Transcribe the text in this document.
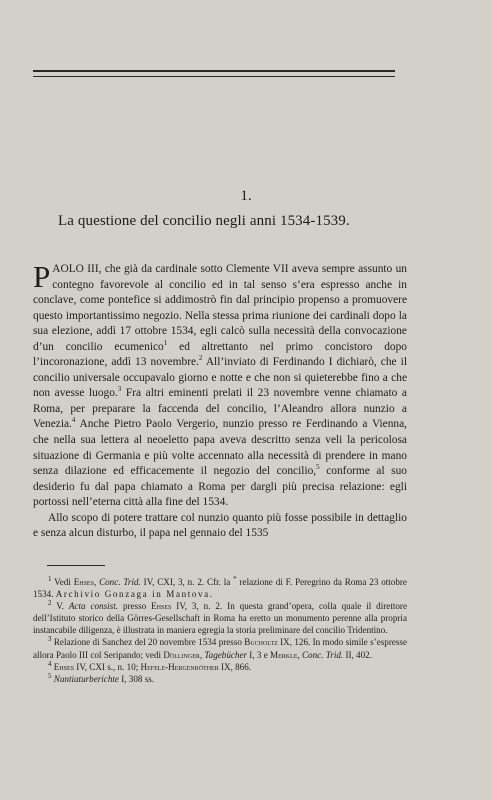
1.
La questione del concilio negli anni 1534-1539.

PAOLO III, che già da cardinale sotto Clemente VII aveva sempre assunto un contegno favorevole al concilio ed in tal senso s’era espresso anche in conclave, come pontefice si addimostrò fin dal principio propenso a promuovere questo importantissimo negozio. Nella stessa prima riunione dei cardinali dopo la sua elezione, addì 17 ottobre 1534, egli calcò sulla necessità della convocazione d’un concilio ecumenico$^1$ ed altrettanto nel primo concistoro dopo l’incoronazione, addì 13 novembre.$^2$ All’inviato di Ferdinando I dichiarò, che il concilio universale occupavalo giorno e notte e che non si quieterebbe fino a che non avesse luogo.$^3$ Fra altri eminenti prelati il 23 novembre venne chiamato a Roma, per preparare la faccenda del concilio, l’Aleandro allora nunzio a Venezia.$^4$ Anche Pietro Paolo Vergerio, nunzio presso re Ferdinando a Vienna, che nella sua lettera al neoeletto papa aveva descritto senza veli la pericolosa situazione di Germania e più volte accennato alla necessità di prendere in mano senza dilazione ed efficacemente il negozio del concilio,$^5$ conforme al suo desiderio fu dal papa chiamato a Roma per dargli più precisa relazione: egli portossi nell’eterna città alla fine del 1534.

Allo scopo di potere trattare col nunzio quanto più fosse possibile in dettaglio e senza alcun disturbo, il papa nel gennaio del 1535

$^1$ Vedi Ehses, Conc. Trid. IV, CXI, 3, n. 2. Cfr. la * relazione di F. Peregrino da Roma 23 ottobre 1534. Archivio Gonzaga in Mantova.

$^2$ V. Acta consist. presso Ehses IV, 3, n. 2. In questa grand’opera, colla quale il direttore dell’Istituto storico della Görres-Gesellschaft in Roma ha eretto un monumento perenne alla propria instancabile diligenza, è illustrata in maniera egregia la storia preliminare del concilio Tridentino.

$^3$ Relazione di Sanchez del 20 novembre 1534 presso Bucholtz IX, 126. In modo simile s’espresse allora Paolo III col Seripando; vedi Döllinger, Tagebücher I, 3 e Merkle, Conc. Trid. II, 402.

$^4$ Ehses IV, CXI s., n. 10; Hefele-Hergenröther IX, 866.

$^5$ Nuntiaturberichte I, 308 ss.
